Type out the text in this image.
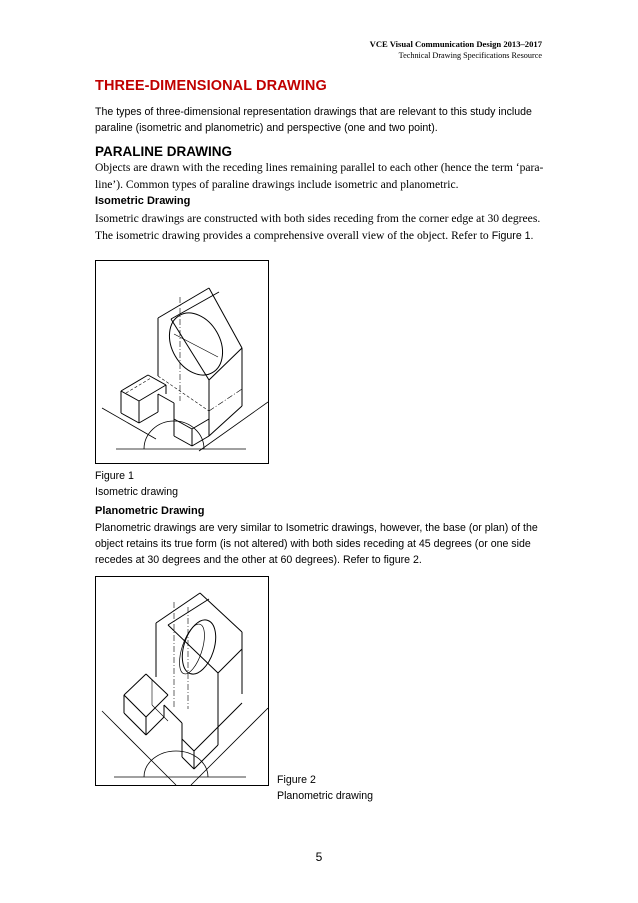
VCE Visual Communication Design 2013–2017
Technical Drawing Specifications Resource
THREE-DIMENSIONAL DRAWING
The types of three-dimensional representation drawings that are relevant to this study include paraline (isometric and planometric) and perspective (one and two point).
PARALINE DRAWING
Objects are drawn with the receding lines remaining parallel to each other (hence the term ‘para-line’). Common types of paraline drawings include isometric and planometric.
Isometric Drawing
Isometric drawings are constructed with both sides receding from the corner edge at 30 degrees. The isometric drawing provides a comprehensive overall view of the object. Refer to Figure 1.
Figure 1
Isometric drawing
Planometric Drawing
Planometric drawings are very similar to Isometric drawings, however, the base (or plan) of the object retains its true form (is not altered) with both sides receding at 45 degrees (or one side recedes at 30 degrees and the other at 60 degrees). Refer to figure 2.
Figure 2
Planometric drawing
5
